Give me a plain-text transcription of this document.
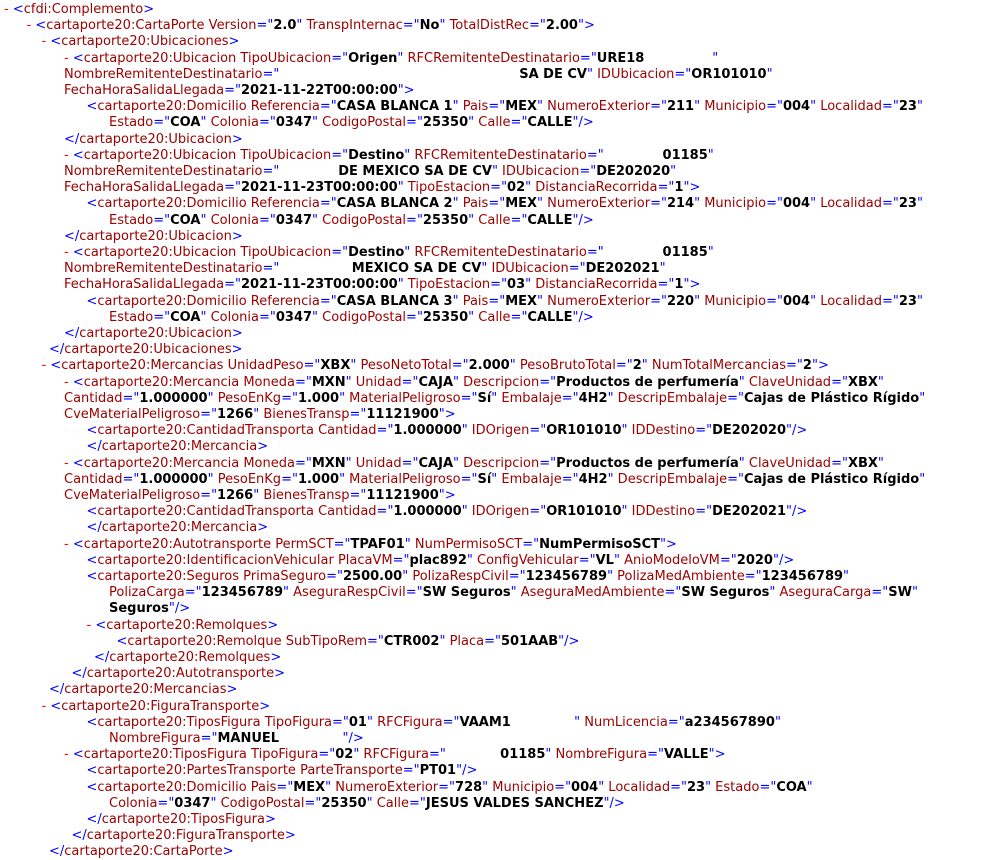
- <cfdi:Complemento>
- <cartaporte20:CartaPorte Version="2.0" TranspInternac="No" TotalDistRec="2.00">
- <cartaporte20:Ubicaciones>
- <cartaporte20:Ubicacion TipoUbicacion="Origen" RFCRemitenteDestinatario="URE18               "
NombreRemitenteDestinatario="                                                     SA DE CV" IDUbicacion="OR101010"
FechaHoraSalidaLlegada="2021-11-22T00:00:00">
<cartaporte20:Domicilio Referencia="CASA BLANCA 1" Pais="MEX" NumeroExterior="211" Municipio="004" Localidad="23"
Estado="COA" Colonia="0347" CodigoPostal="25350" Calle="CALLE"/>
</cartaporte20:Ubicacion>
- <cartaporte20:Ubicacion TipoUbicacion="Destino" RFCRemitenteDestinatario="             01185"
NombreRemitenteDestinatario="             DE MEXICO SA DE CV" IDUbicacion="DE202020"
FechaHoraSalidaLlegada="2021-11-23T00:00:00" TipoEstacion="02" DistanciaRecorrida="1">
<cartaporte20:Domicilio Referencia="CASA BLANCA 2" Pais="MEX" NumeroExterior="214" Municipio="004" Localidad="23"
Estado="COA" Colonia="0347" CodigoPostal="25350" Calle="CALLE"/>
</cartaporte20:Ubicacion>
- <cartaporte20:Ubicacion TipoUbicacion="Destino" RFCRemitenteDestinatario="             01185"
NombreRemitenteDestinatario="                MEXICO SA DE CV" IDUbicacion="DE202021"
FechaHoraSalidaLlegada="2021-11-23T00:00:00" TipoEstacion="03" DistanciaRecorrida="1">
<cartaporte20:Domicilio Referencia="CASA BLANCA 3" Pais="MEX" NumeroExterior="220" Municipio="004" Localidad="23"
Estado="COA" Colonia="0347" CodigoPostal="25350" Calle="CALLE"/>
</cartaporte20:Ubicacion>
</cartaporte20:Ubicaciones>
- <cartaporte20:Mercancias UnidadPeso="XBX" PesoNetoTotal="2.000" PesoBrutoTotal="2" NumTotalMercancias="2">
- <cartaporte20:Mercancia Moneda="MXN" Unidad="CAJA" Descripcion="Productos de perfumería" ClaveUnidad="XBX"
Cantidad="1.000000" PesoEnKg="1.000" MaterialPeligroso="Sí" Embalaje="4H2" DescripEmbalaje="Cajas de Plástico Rígido"
CveMaterialPeligroso="1266" BienesTransp="11121900">
<cartaporte20:CantidadTransporta Cantidad="1.000000" IDOrigen="OR101010" IDDestino="DE202020"/>
</cartaporte20:Mercancia>
- <cartaporte20:Mercancia Moneda="MXN" Unidad="CAJA" Descripcion="Productos de perfumería" ClaveUnidad="XBX"
Cantidad="1.000000" PesoEnKg="1.000" MaterialPeligroso="Sí" Embalaje="4H2" DescripEmbalaje="Cajas de Plástico Rígido"
CveMaterialPeligroso="1266" BienesTransp="11121900">
<cartaporte20:CantidadTransporta Cantidad="1.000000" IDOrigen="OR101010" IDDestino="DE202021"/>
</cartaporte20:Mercancia>
- <cartaporte20:Autotransporte PermSCT="TPAF01" NumPermisoSCT="NumPermisoSCT">
<cartaporte20:IdentificacionVehicular PlacaVM="plac892" ConfigVehicular="VL" AnioModeloVM="2020"/>
<cartaporte20:Seguros PrimaSeguro="2500.00" PolizaRespCivil="123456789" PolizaMedAmbiente="123456789"
PolizaCarga="123456789" AseguraRespCivil="SW Seguros" AseguraMedAmbiente="SW Seguros" AseguraCarga="SW"
Seguros"/>
- <cartaporte20:Remolques>
<cartaporte20:Remolque SubTipoRem="CTR002" Placa="501AAB"/>
</cartaporte20:Remolques>
</cartaporte20:Autotransporte>
</cartaporte20:Mercancias>
- <cartaporte20:FiguraTransporte>
<cartaporte20:TiposFigura TipoFigura="01" RFCFigura="VAAM1              " NumLicencia="a234567890"
NombreFigura="MANUEL              "/>
- <cartaporte20:TiposFigura TipoFigura="02" RFCFigura="            01185" NombreFigura="VALLE">
<cartaporte20:PartesTransporte ParteTransporte="PT01"/>
<cartaporte20:Domicilio Pais="MEX" NumeroExterior="728" Municipio="004" Localidad="23" Estado="COA"
Colonia="0347" CodigoPostal="25350" Calle="JESUS VALDES SANCHEZ"/>
</cartaporte20:TiposFigura>
</cartaporte20:FiguraTransporte>
</cartaporte20:CartaPorte>
